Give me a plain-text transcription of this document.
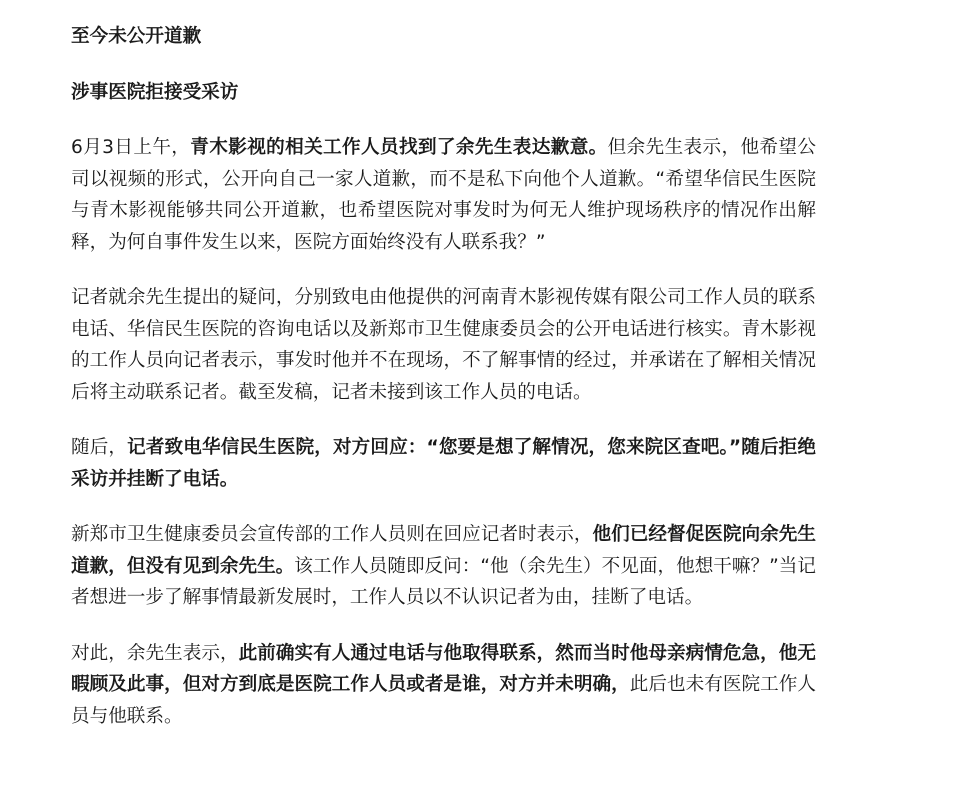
至今未公开道歉

涉事医院拒接受采访

6月3日上午，青木影视的相关工作人员找到了余先生表达歉意。但余先生表示，他希望公司以视频的形式，公开向自己一家人道歉，而不是私下向他个人道歉。“希望华信民生医院与青木影视能够共同公开道歉，也希望医院对事发时为何无人维护现场秩序的情况作出解释，为何自事件发生以来，医院方面始终没有人联系我？”

记者就余先生提出的疑问，分别致电由他提供的河南青木影视传媒有限公司工作人员的联系电话、华信民生医院的咨询电话以及新郑市卫生健康委员会的公开电话进行核实。青木影视的工作人员向记者表示，事发时他并不在现场，不了解事情的经过，并承诺在了解相关情况后将主动联系记者。截至发稿，记者未接到该工作人员的电话。

随后，记者致电华信民生医院，对方回应：“您要是想了解情况，您来院区查吧。”随后拒绝采访并挂断了电话。

新郑市卫生健康委员会宣传部的工作人员则在回应记者时表示，他们已经督促医院向余先生道歉，但没有见到余先生。该工作人员随即反问：“他（余先生）不见面，他想干嘛？”当记者想进一步了解事情最新发展时，工作人员以不认识记者为由，挂断了电话。

对此，余先生表示，此前确实有人通过电话与他取得联系，然而当时他母亲病情危急，他无暇顾及此事，但对方到底是医院工作人员或者是谁，对方并未明确，此后也未有医院工作人员与他联系。
